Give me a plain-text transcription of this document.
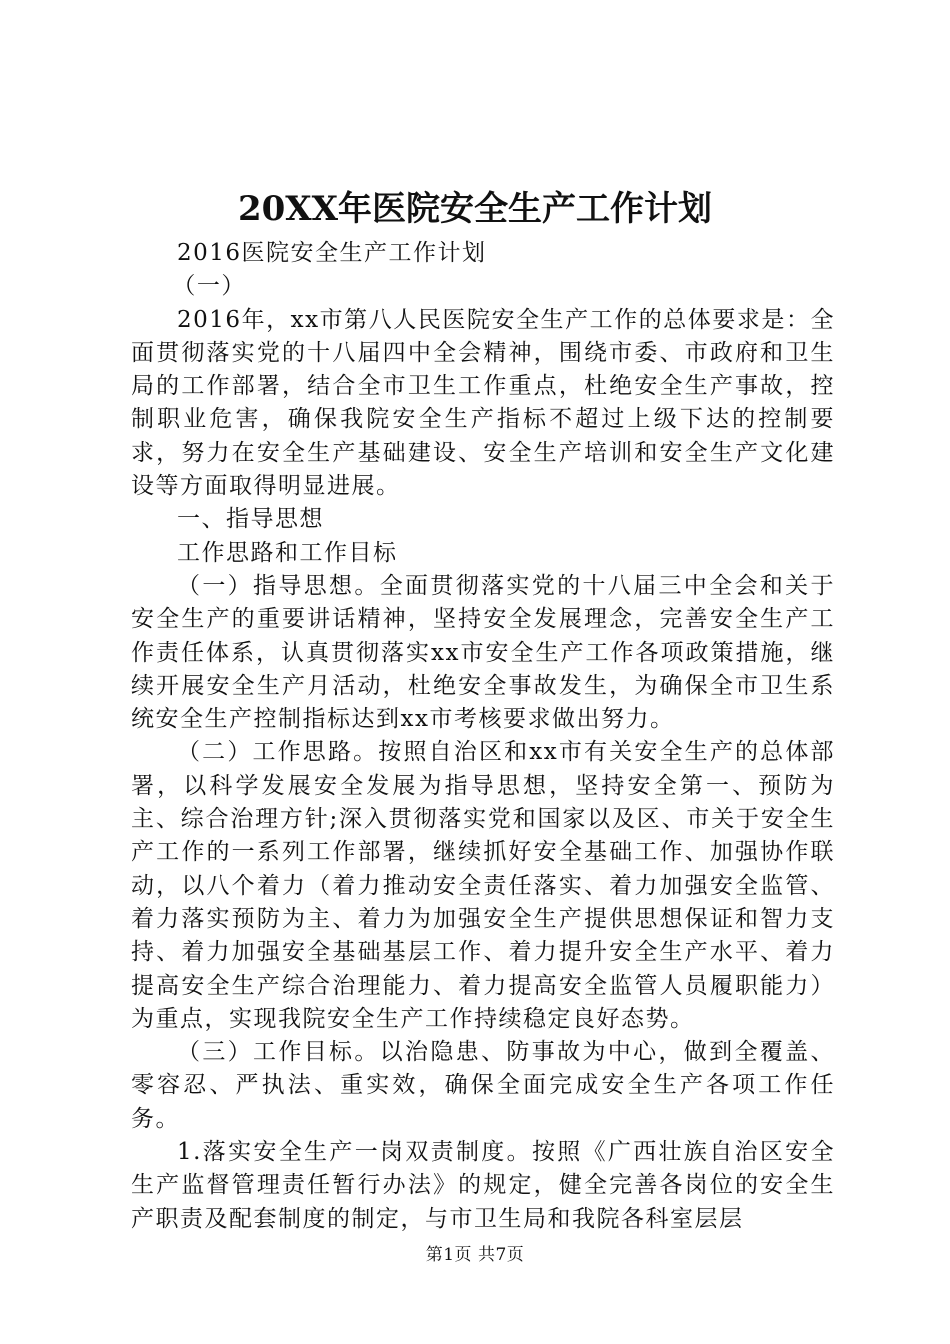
20XX年医院安全生产工作计划

2016医院安全生产工作计划

（一）

2016年，xx市第八人民医院安全生产工作的总体要求是：全面贯彻落实党的十八届四中全会精神，围绕市委、市政府和卫生局的工作部署，结合全市卫生工作重点，杜绝安全生产事故，控制职业危害，确保我院安全生产指标不超过上级下达的控制要求，努力在安全生产基础建设、安全生产培训和安全生产文化建设等方面取得明显进展。

一、指导思想

工作思路和工作目标

（一）指导思想。全面贯彻落实党的十八届三中全会和关于安全生产的重要讲话精神，坚持安全发展理念，完善安全生产工作责任体系，认真贯彻落实xx市安全生产工作各项政策措施，继续开展安全生产月活动，杜绝安全事故发生，为确保全市卫生系统安全生产控制指标达到xx市考核要求做出努力。

（二）工作思路。按照自治区和xx市有关安全生产的总体部署，以科学发展安全发展为指导思想，坚持安全第一、预防为主、综合治理方针;深入贯彻落实党和国家以及区、市关于安全生产工作的一系列工作部署，继续抓好安全基础工作、加强协作联动，以八个着力（着力推动安全责任落实、着力加强安全监管、着力落实预防为主、着力为加强安全生产提供思想保证和智力支持、着力加强安全基础基层工作、着力提升安全生产水平、着力提高安全生产综合治理能力、着力提高安全监管人员履职能力）为重点，实现我院安全生产工作持续稳定良好态势。

（三）工作目标。以治隐患、防事故为中心，做到全覆盖、零容忍、严执法、重实效，确保全面完成安全生产各项工作任务。

1.落实安全生产一岗双责制度。按照《广西壮族自治区安全生产监督管理责任暂行办法》的规定，健全完善各岗位的安全生产职责及配套制度的制定，与市卫生局和我院各科室层层

第1页 共7页
